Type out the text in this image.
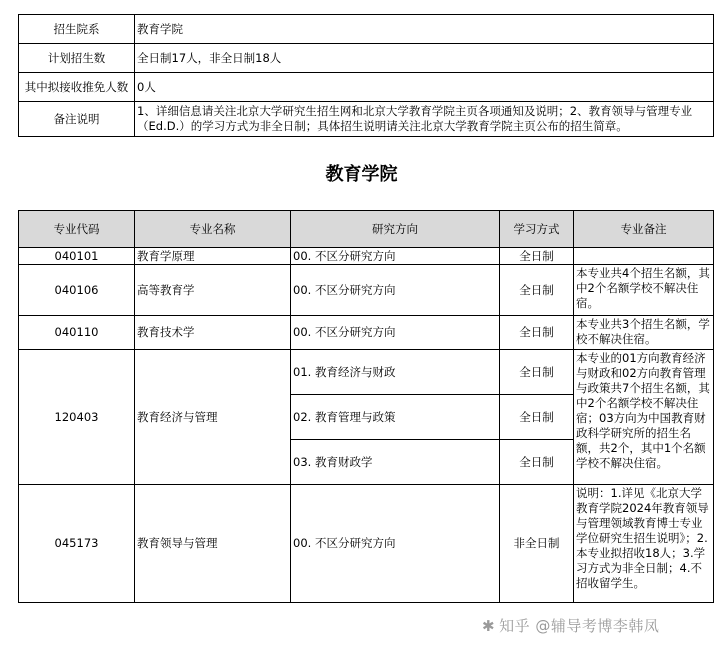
招生院系	教育学院
计划招生数	全日制17人，非全日制18人
其中拟接收推免人数	0人
备注说明	1、详细信息请关注北京大学研究生招生网和北京大学教育学院主页各项通知及说明；2、教育领导与管理专业（Ed.D.）的学习方式为非全日制；具体招生说明请关注北京大学教育学院主页公布的招生简章。
教育学院
专业代码	专业名称	研究方向	学习方式	专业备注
040101	教育学原理	00. 不区分研究方向	全日制	
040106	高等教育学	00. 不区分研究方向	全日制	本专业共4个招生名额，其中2个名额学校不解决住宿。
040110	教育技术学	00. 不区分研究方向	全日制	本专业共3个招生名额，学校不解决住宿。
120403	教育经济与管理	01. 教育经济与财政	全日制	本专业的01方向教育经济与财政和02方向教育管理与政策共7个招生名额，其中2个名额学校不解决住宿；03方向为中国教育财政科学研究所的招生名额，共2个，其中1个名额学校不解决住宿。
		02. 教育管理与政策	全日制	
		03. 教育财政学	全日制	
045173	教育领导与管理	00. 不区分研究方向	非全日制	说明：1.详见《北京大学教育学院2024年教育领导与管理领域教育博士专业学位研究生招生说明》；2.本专业拟招收18人；3.学习方式为非全日制；4.不招收留学生。
✱ 知乎 @辅导考博李韩凤
